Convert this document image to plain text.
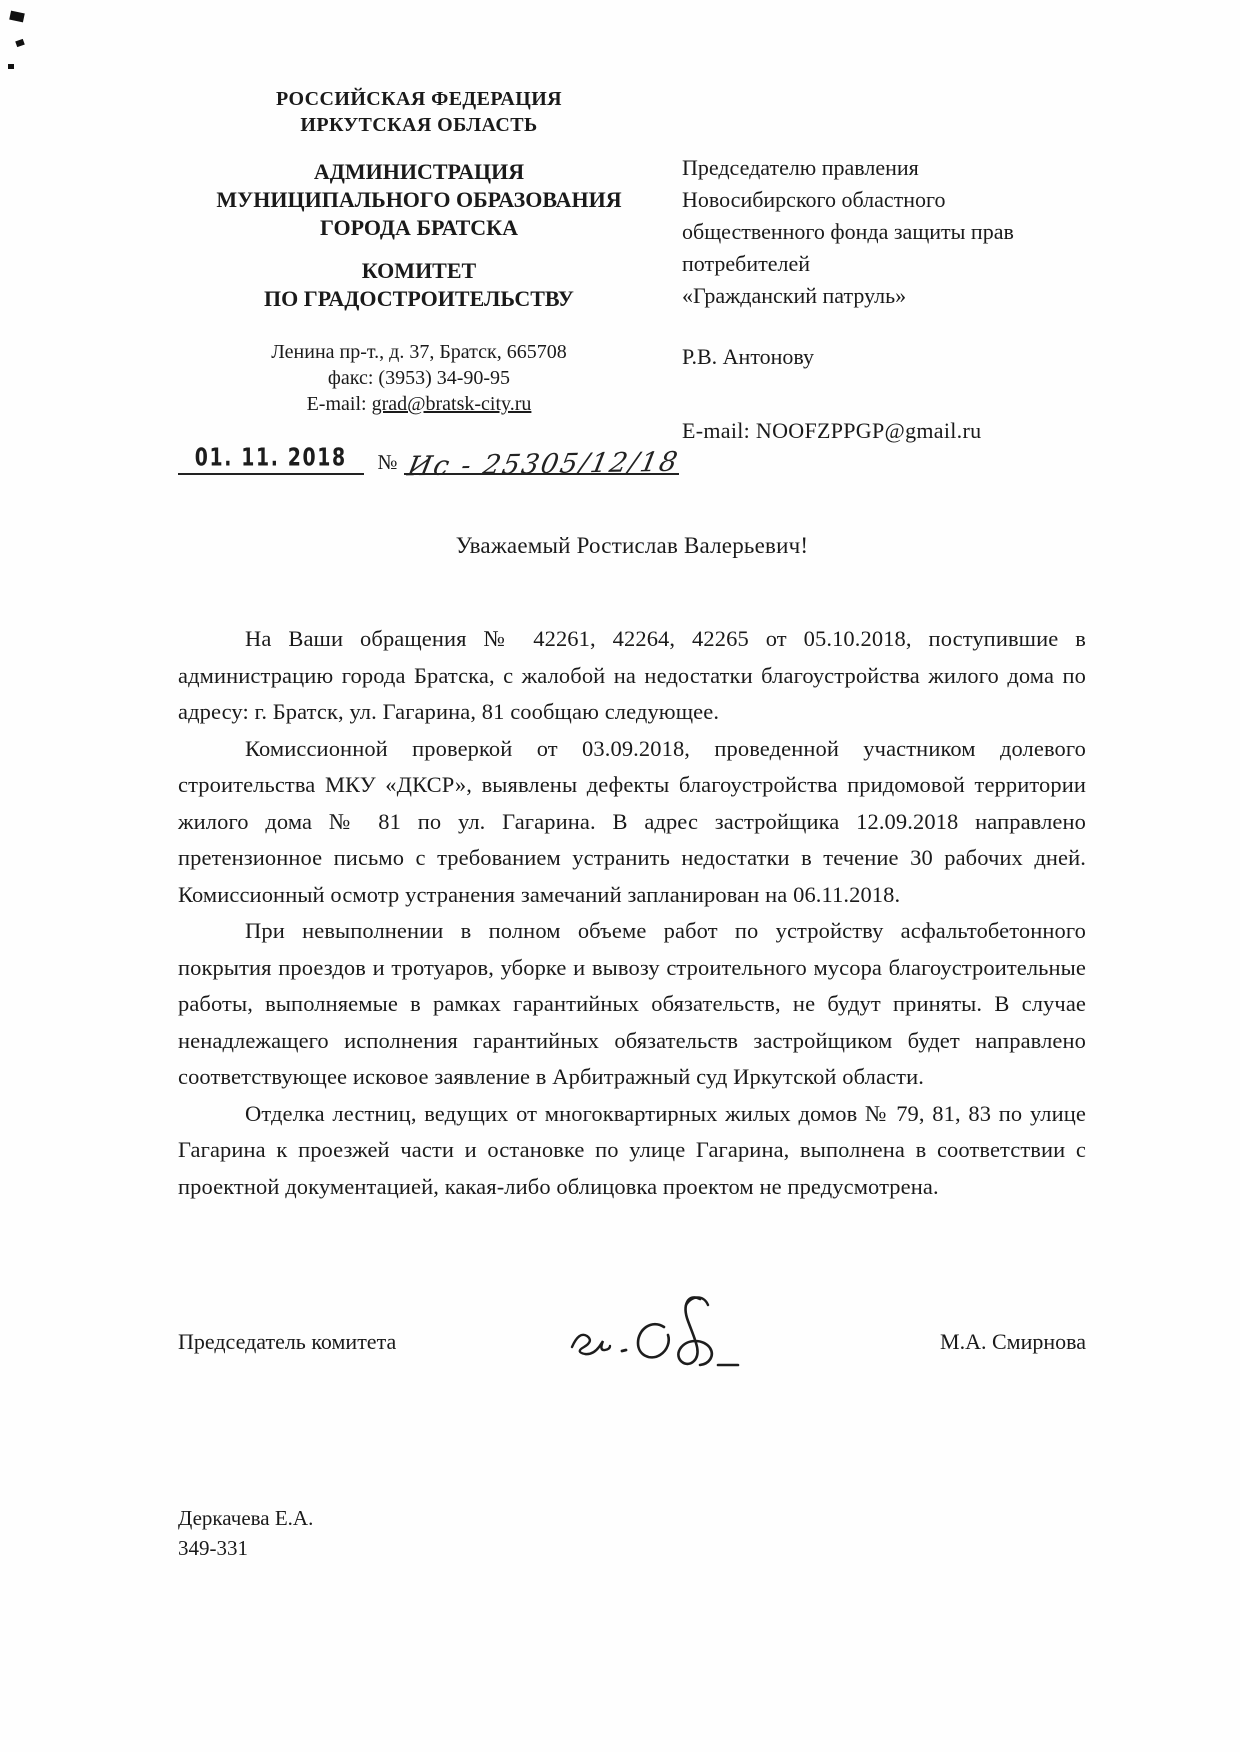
РОССИЙСКАЯ ФЕДЕРАЦИЯ

ИРКУТСКАЯ ОБЛАСТЬ

АДМИНИСТРАЦИЯ

МУНИЦИПАЛЬНОГО ОБРАЗОВАНИЯ

ГОРОДА БРАТСКА

КОМИТЕТ

ПО ГРАДОСТРОИТЕЛЬСТВУ

Ленина пр-т., д. 37, Братск, 665708

факс: (3953) 34-90-95

E-mail: grad@bratsk-city.ru

01. 11. 2018 № Ис - 25305/12/18

Председателю правления

Новосибирского областного

общественного фонда защиты прав

потребителей

«Гражданский патруль»

Р.В. Антонову

E-mail: NOOFZPPGP@gmail.ru

Уважаемый Ростислав Валерьевич!

На Ваши обращения № 42261, 42264, 42265 от 05.10.2018, поступившие в администрацию города Братска, с жалобой на недостатки благоустройства жилого дома по адресу: г. Братск, ул. Гагарина, 81 сообщаю следующее.

Комиссионной проверкой от 03.09.2018, проведенной участником долевого строительства МКУ «ДКСР», выявлены дефекты благоустройства придомовой территории жилого дома № 81 по ул. Гагарина. В адрес застройщика 12.09.2018 направлено претензионное письмо с требованием устранить недостатки в течение 30 рабочих дней. Комиссионный осмотр устранения замечаний запланирован на 06.11.2018.

При невыполнении в полном объеме работ по устройству асфальтобетонного покрытия проездов и тротуаров, уборке и вывозу строительного мусора благоустроительные работы, выполняемые в рамках гарантийных обязательств, не будут приняты. В случае ненадлежащего исполнения гарантийных обязательств застройщиком будет направлено соответствующее исковое заявление в Арбитражный суд Иркутской области.

Отделка лестниц, ведущих от многоквартирных жилых домов № 79, 81, 83 по улице Гагарина к проезжей части и остановке по улице Гагарина, выполнена в соответствии с проектной документацией, какая-либо облицовка проектом не предусмотрена.

Председатель комитета	М.А. Смирнова

Деркачева Е.А.

349-331
